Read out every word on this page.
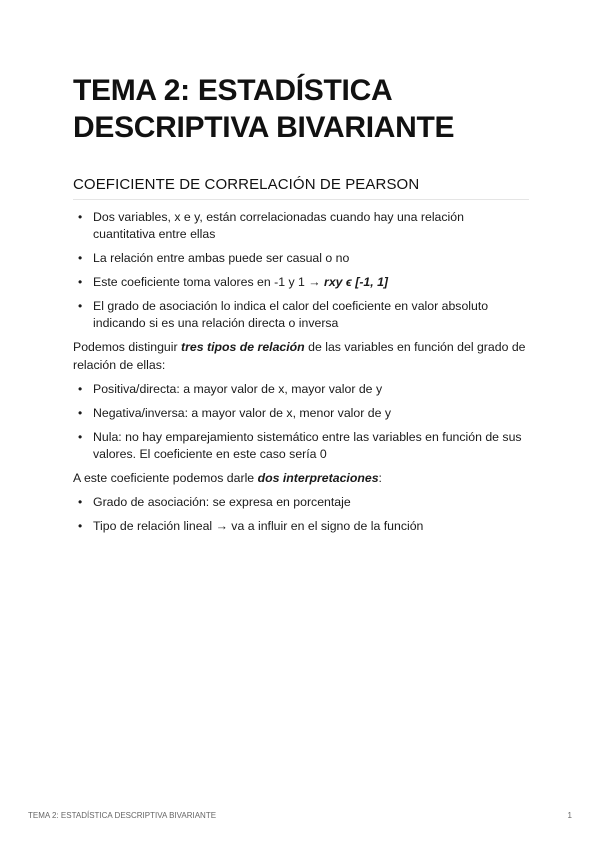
TEMA 2: ESTADÍSTICA
DESCRIPTIVA BIVARIANTE
COEFICIENTE DE CORRELACIÓN DE PEARSON
• Dos variables, x e y, están correlacionadas cuando hay una relación cuantitativa entre ellas
• La relación entre ambas puede ser casual o no
• Este coeficiente toma valores en -1 y 1 → rxy ϵ [-1, 1]
• El grado de asociación lo indica el calor del coeficiente en valor absoluto indicando si es una relación directa o inversa

Podemos distinguir tres tipos de relación de las variables en función del grado de relación de ellas:

• Positiva/directa: a mayor valor de x, mayor valor de y
• Negativa/inversa: a mayor valor de x, menor valor de y
• Nula: no hay emparejamiento sistemático entre las variables en función de sus valores. El coeficiente en este caso sería 0

A este coeficiente podemos darle dos interpretaciones:

• Grado de asociación: se expresa en porcentaje
• Tipo de relación lineal → va a influir en el signo de la función
TEMA 2: ESTADÍSTICA DESCRIPTIVA BIVARIANTE	1
